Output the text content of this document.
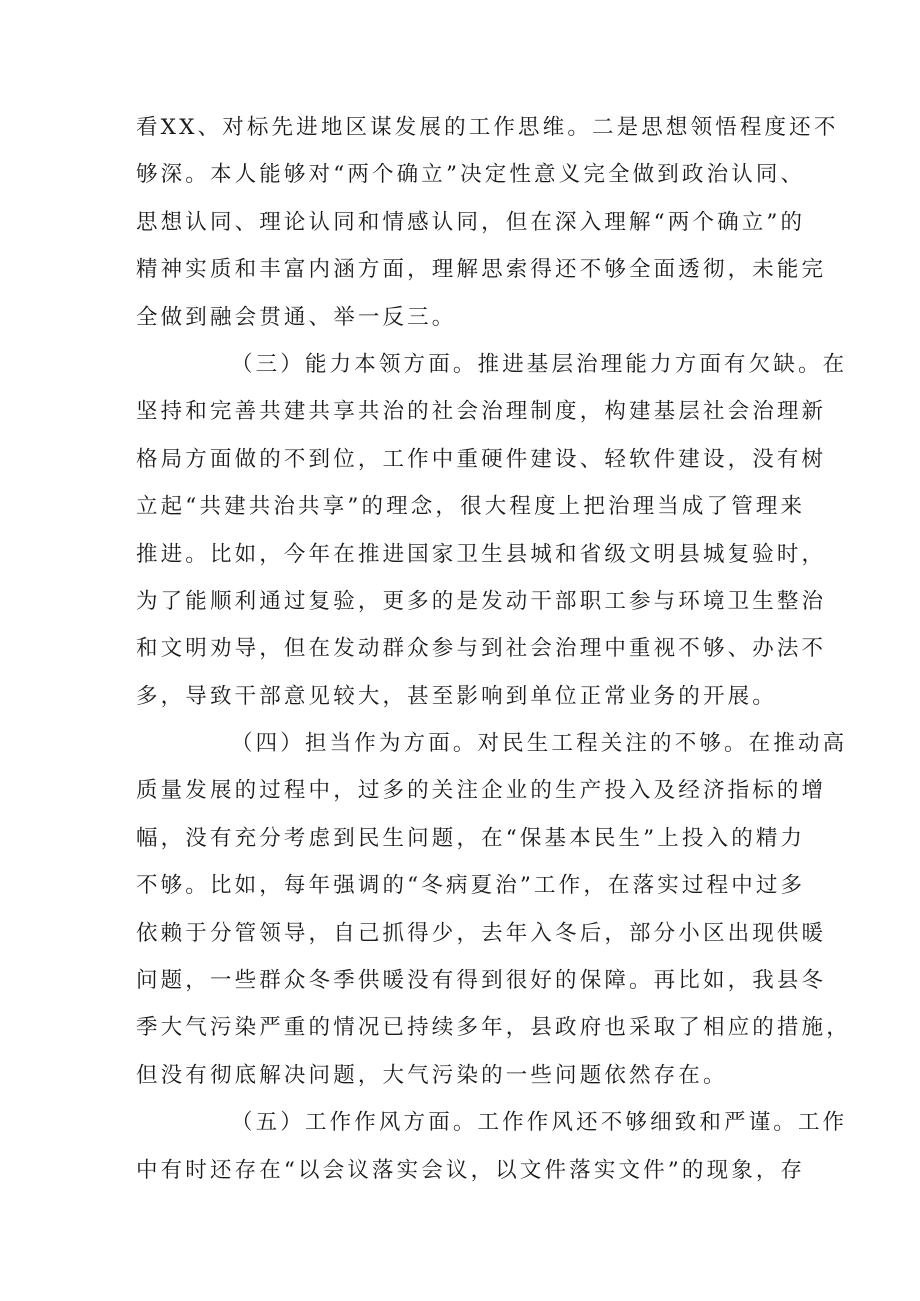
看XX、对标先进地区谋发展的工作思维。二是思想领悟程度还不
够深。本人能够对“两个确立”决定性意义完全做到政治认同、
思想认同、理论认同和情感认同，但在深入理解“两个确立”的
精神实质和丰富内涵方面，理解思索得还不够全面透彻，未能完
全做到融会贯通、举一反三。
（三）能力本领方面。推进基层治理能力方面有欠缺。在
坚持和完善共建共享共治的社会治理制度，构建基层社会治理新
格局方面做的不到位，工作中重硬件建设、轻软件建设，没有树
立起“共建共治共享”的理念，很大程度上把治理当成了管理来
推进。比如，今年在推进国家卫生县城和省级文明县城复验时，
为了能顺利通过复验，更多的是发动干部职工参与环境卫生整治
和文明劝导，但在发动群众参与到社会治理中重视不够、办法不
多，导致干部意见较大，甚至影响到单位正常业务的开展。
（四）担当作为方面。对民生工程关注的不够。在推动高
质量发展的过程中，过多的关注企业的生产投入及经济指标的增
幅，没有充分考虑到民生问题，在“保基本民生”上投入的精力
不够。比如，每年强调的“冬病夏治”工作，在落实过程中过多
依赖于分管领导，自己抓得少，去年入冬后，部分小区出现供暖
问题，一些群众冬季供暖没有得到很好的保障。再比如，我县冬
季大气污染严重的情况已持续多年，县政府也采取了相应的措施，
但没有彻底解决问题，大气污染的一些问题依然存在。
（五）工作作风方面。工作作风还不够细致和严谨。工作
中有时还存在“以会议落实会议，以文件落实文件”的现象，存
